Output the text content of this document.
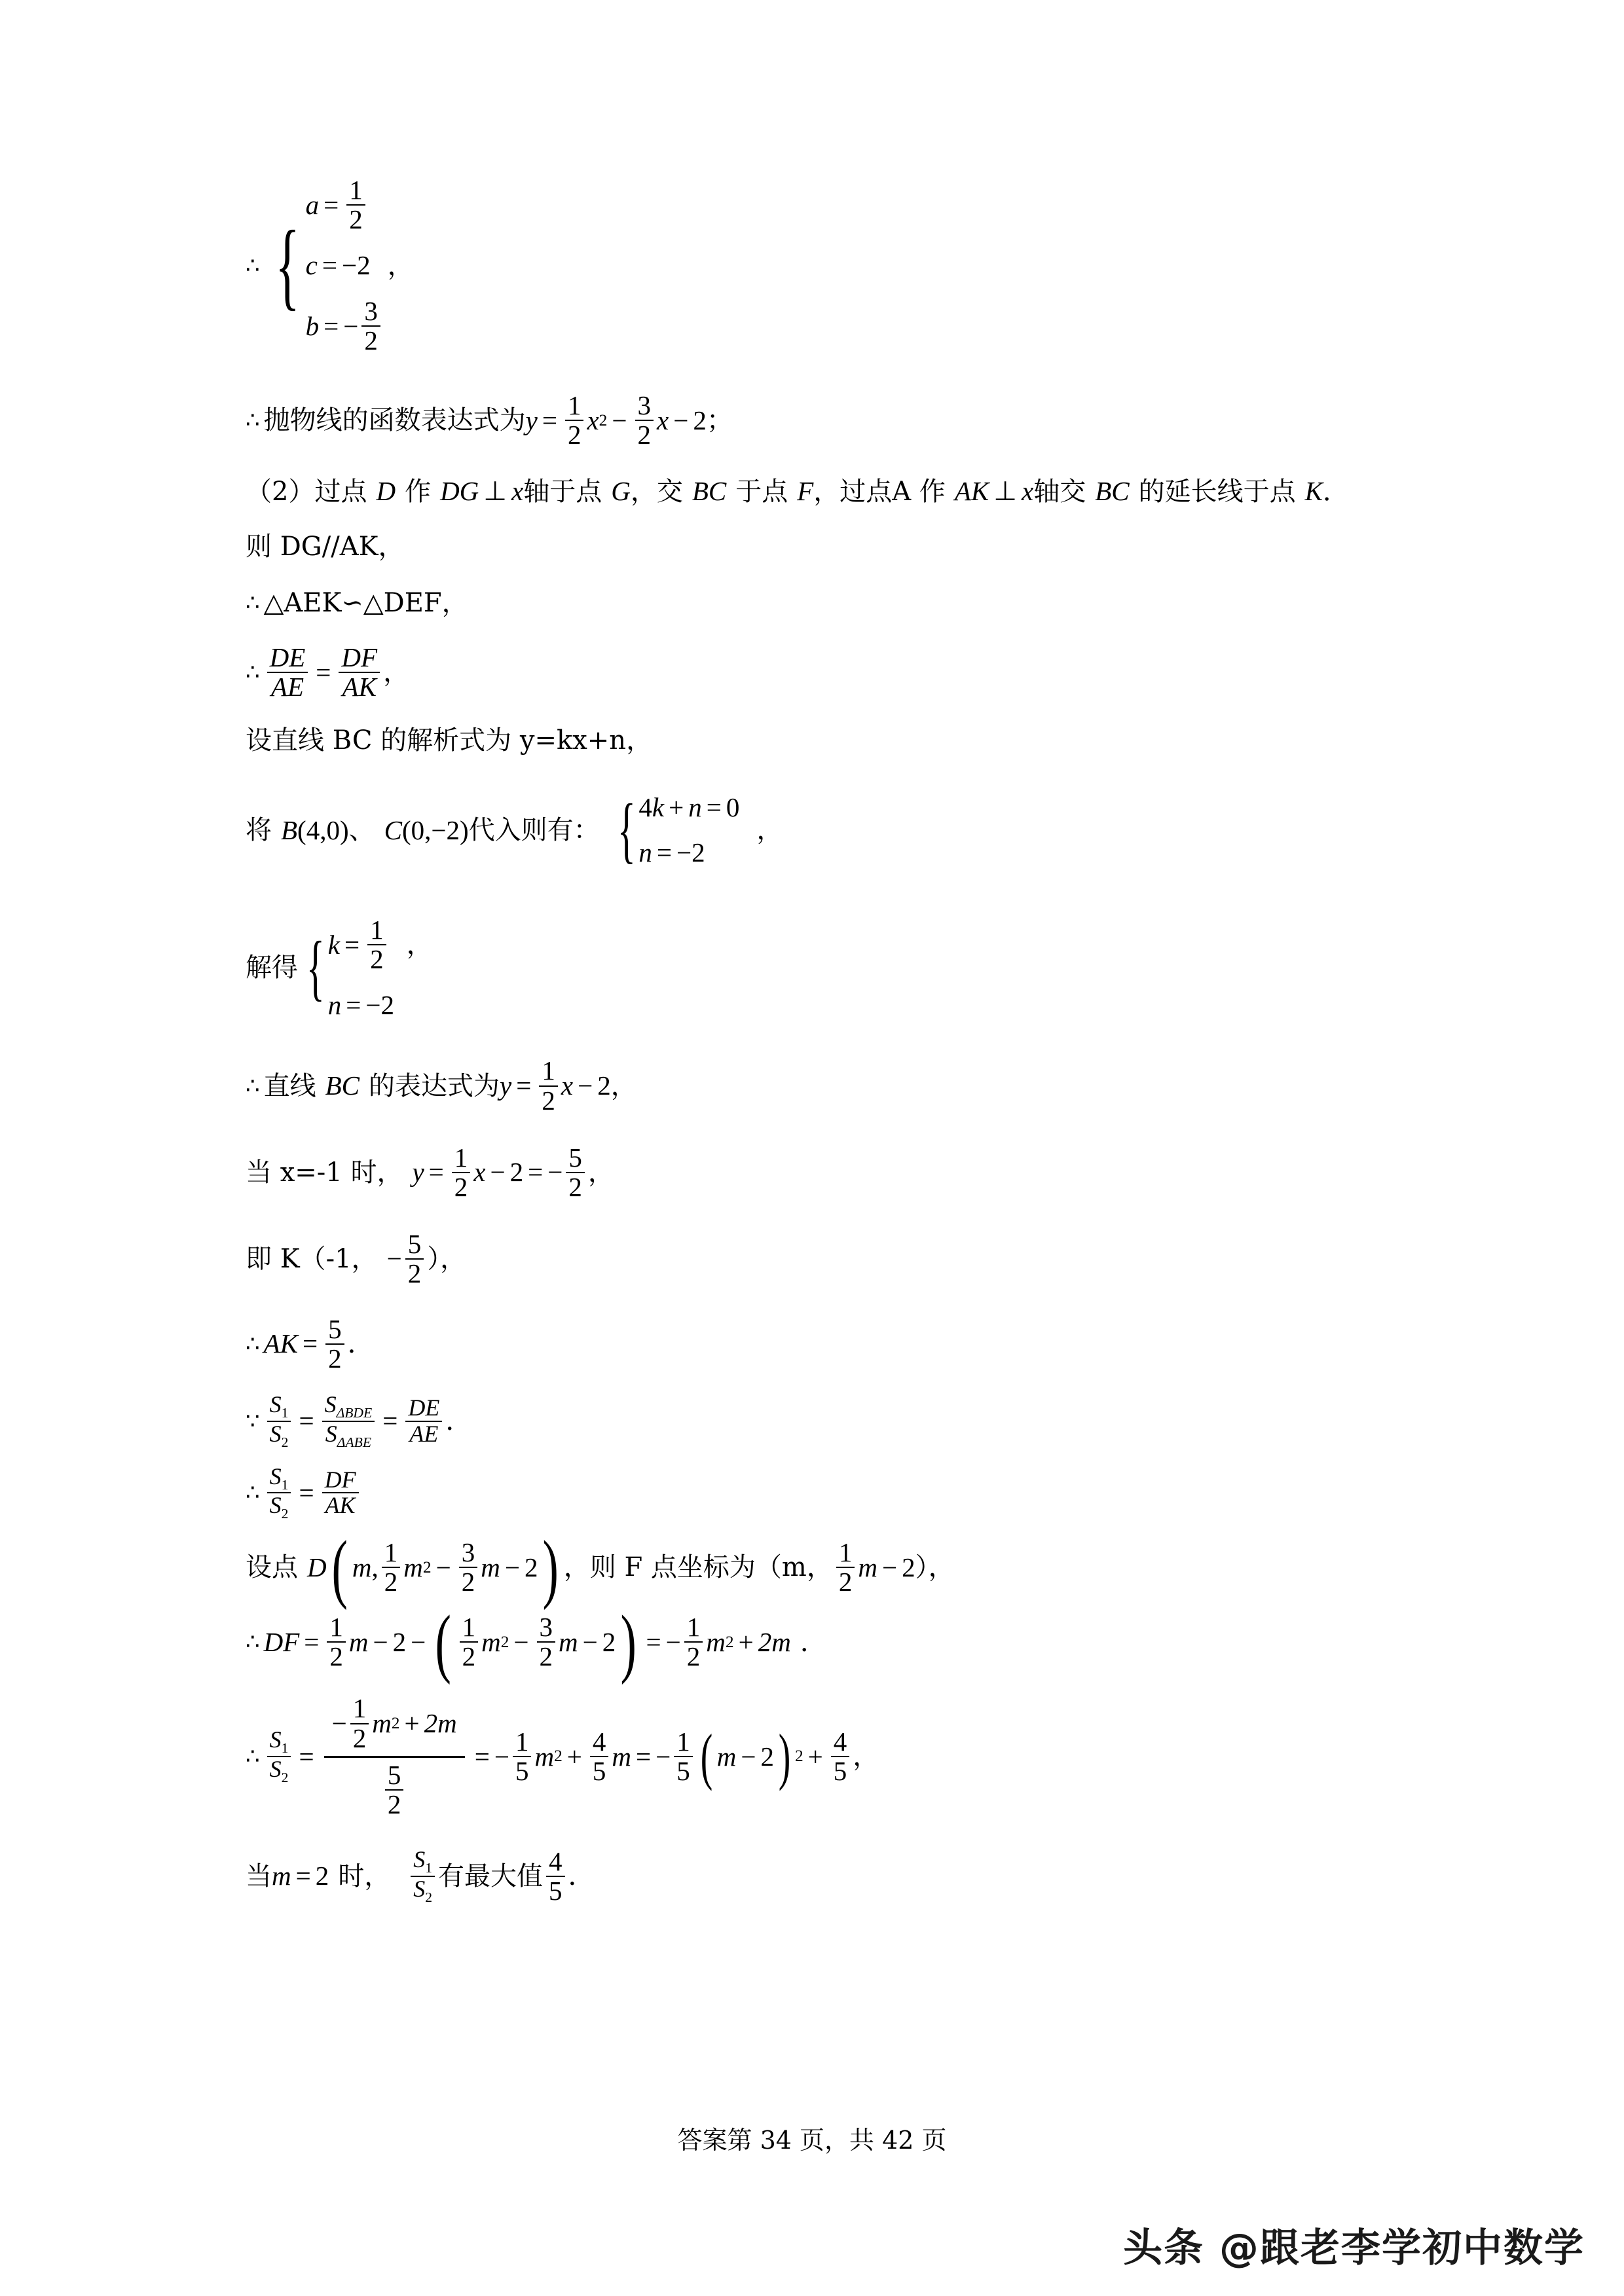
∴ {
$a = \frac{1}{2}$
c = −2 ，
b = − $\frac{3}{2}$
∴ 抛物线的函数表达式为 $y = \frac{1}{2}$ x $2 - \frac{3}{2}$ x − 2 ；
（2） 过点 D 作 DG ⊥ x 轴于点 G ， 交 BC 于点 F ， 过点A 作 AK ⊥ x 轴交 BC 的延长线于点 K ．
则 DG//AK，
∴ △AEK∽△DEF，
∴ $\frac{DE}{AE} = \frac{DF}{AK}$ ，
设直线 BC 的解析式为 y=kx+n，
将 B (4,0) 、 C (0,−2) 代入则有： { 4 k + n = 0
n = −2
，
解得 { $k = \frac{1}{2}$ ，
n = −2
∴ 直线 BC 的表达式为 $y = \frac{1}{2}$ x − 2 ，
当 x=-1 时， $y = \frac{1}{2}$ x − 2 = − $\frac{5}{2}$ ，
即 K（-1， − $\frac{5}{2}$ ），
∴ AK = $\frac{5}{2}$ ．
∵ $\frac{S_1}{S_2} = \frac{S_{\Delta BDE}}{S_{\Delta ABE}} = \frac{DE}{AE}$ ．
∴ $\frac{S_1}{S_2} = \frac{DF}{AK}$
设点 D ( m , $\frac{1}{2}$ m $2 - \frac{3}{2}$ m − 2 ) ，则 F 点坐标为（m， $\frac{1}{2}$ m − 2 ），
∴ DF = $\frac{1}{2}$ m − 2 − ( $\frac{1}{2}$ m $2 - \frac{3}{2}$ m − 2 ) = − $\frac{1}{2}$ m 2 + 2m ．
∴ $\frac{S_1}{S_2}$ =
− $\frac{1}{2}$ m 2 + 2m
$\frac{5}{2}$
= − $\frac{1}{5}$ m $2 + \frac{4}{5}$ m = − $\frac{1}{5}$ ( m − 2 ) $2 + \frac{4}{5}$ ，
当 m = 2 时， $\frac{S_1}{S_2}$ 有最大值 $\frac{4}{5}$ ．
答案第 34 页，共 42 页
头条 @跟老李学初中数学
